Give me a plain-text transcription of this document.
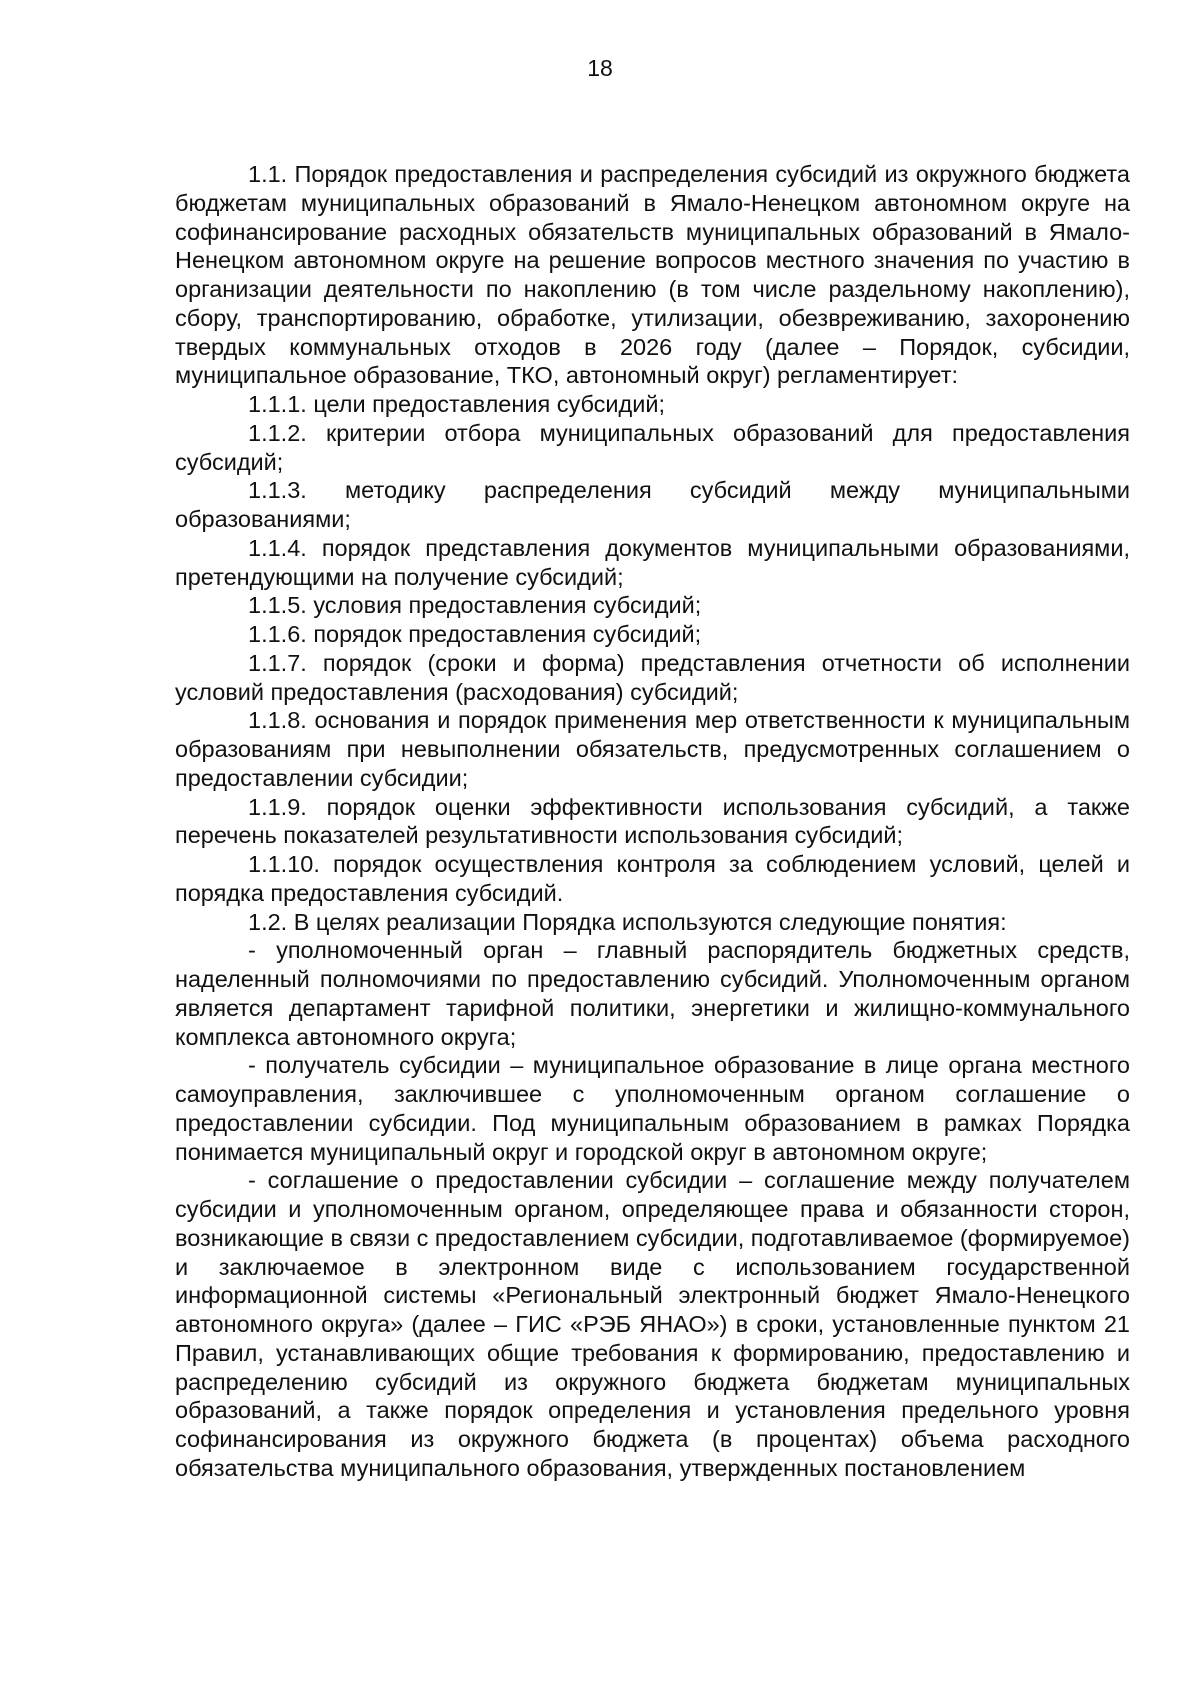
18

1.1. Порядок предоставления и распределения субсидий из окружного бюджета бюджетам муниципальных образований в Ямало-Ненецком автономном округе на софинансирование расходных обязательств муниципальных образований в Ямало-Ненецком автономном округе на решение вопросов местного значения по участию в организации деятельности по накоплению (в том числе раздельному накоплению), сбору, транспортированию, обработке, утилизации, обезвреживанию, захоронению твердых коммунальных отходов в 2026 году (далее – Порядок, субсидии, муниципальное образование, ТКО, автономный округ) регламентирует:

1.1.1. цели предоставления субсидий;

1.1.2. критерии отбора муниципальных образований для предоставления субсидий;

1.1.3. методику распределения субсидий между муниципальными образованиями;

1.1.4. порядок представления документов муниципальными образованиями, претендующими на получение субсидий;

1.1.5. условия предоставления субсидий;

1.1.6. порядок предоставления субсидий;

1.1.7. порядок (сроки и форма) представления отчетности об исполнении условий предоставления (расходования) субсидий;

1.1.8. основания и порядок применения мер ответственности к муниципальным образованиям при невыполнении обязательств, предусмотренных соглашением о предоставлении субсидии;

1.1.9. порядок оценки эффективности использования субсидий, а также перечень показателей результативности использования субсидий;

1.1.10. порядок осуществления контроля за соблюдением условий, целей и порядка предоставления субсидий.

1.2. В целях реализации Порядка используются следующие понятия:

- уполномоченный орган – главный распорядитель бюджетных средств, наделенный полномочиями по предоставлению субсидий. Уполномоченным органом является департамент тарифной политики, энергетики и жилищно-коммунального комплекса автономного округа;

- получатель субсидии – муниципальное образование в лице органа местного самоуправления, заключившее с уполномоченным органом соглашение о предоставлении субсидии. Под муниципальным образованием в рамках Порядка понимается муниципальный округ и городской округ в автономном округе;

- соглашение о предоставлении субсидии – соглашение между получателем субсидии и уполномоченным органом, определяющее права и обязанности сторон, возникающие в связи с предоставлением субсидии, подготавливаемое (формируемое) и заключаемое в электронном виде с использованием государственной информационной системы «Региональный электронный бюджет Ямало-Ненецкого автономного округа» (далее – ГИС «РЭБ ЯНАО») в сроки, установленные пунктом 21 Правил, устанавливающих общие требования к формированию, предоставлению и распределению субсидий из окружного бюджета бюджетам муниципальных образований, а также порядок определения и установления предельного уровня софинансирования из окружного бюджета (в процентах) объема расходного обязательства муниципального образования, утвержденных постановлением
